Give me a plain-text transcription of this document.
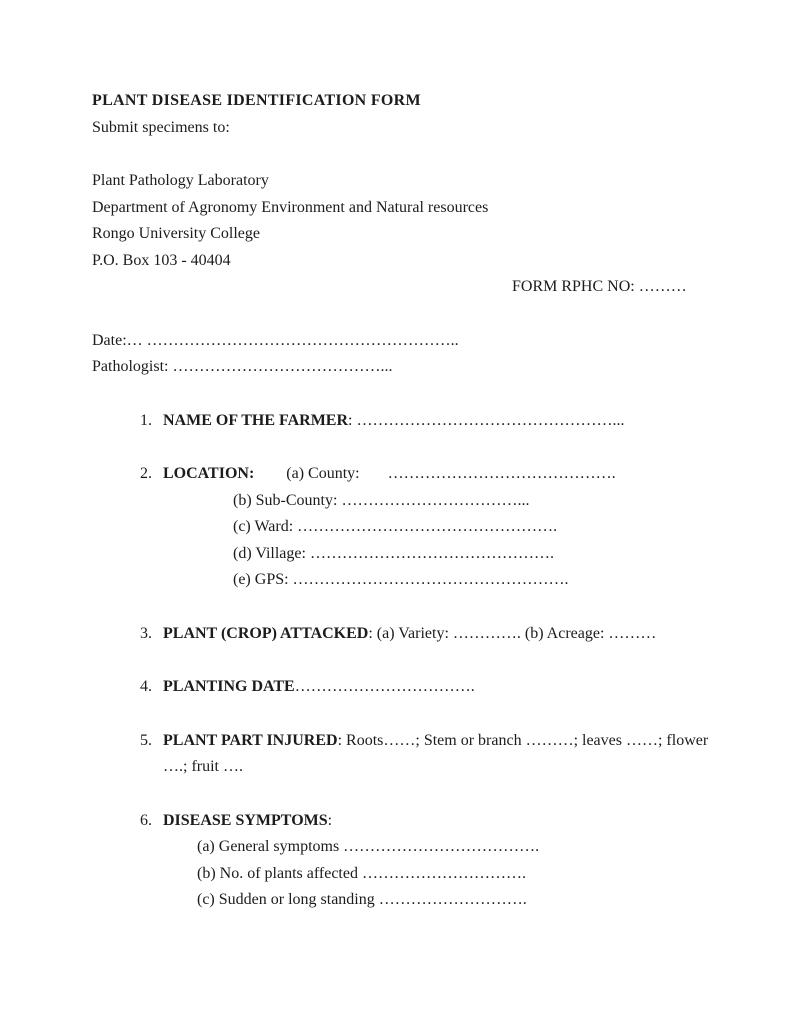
PLANT DISEASE IDENTIFICATION FORM
Submit specimens to:
Plant Pathology Laboratory
Department of Agronomy Environment and Natural resources
Rongo University College
P.O. Box 103 - 40404
FORM RPHC NO: ………
Date:… …………………………………………………..
Pathologist: …………………………………...
1. NAME OF THE FARMER: …………………………………………...
2. LOCATION:        (a) County:       …………………………………….
(b) Sub-County: ……………………………...
(c) Ward: ………………………………………….
(d) Village: ……………………………………….
(e) GPS: …………………………………………….
3. PLANT (CROP) ATTACKED: (a) Variety: …………. (b) Acreage: ………
4. PLANTING DATE…………………………….
5. PLANT PART INJURED: Roots……; Stem or branch ………; leaves ……; flower
….; fruit ….
6. DISEASE SYMPTOMS:
(a) General symptoms ……………………………….
(b) No. of plants affected ………………………….
(c) Sudden or long standing ……………………….
